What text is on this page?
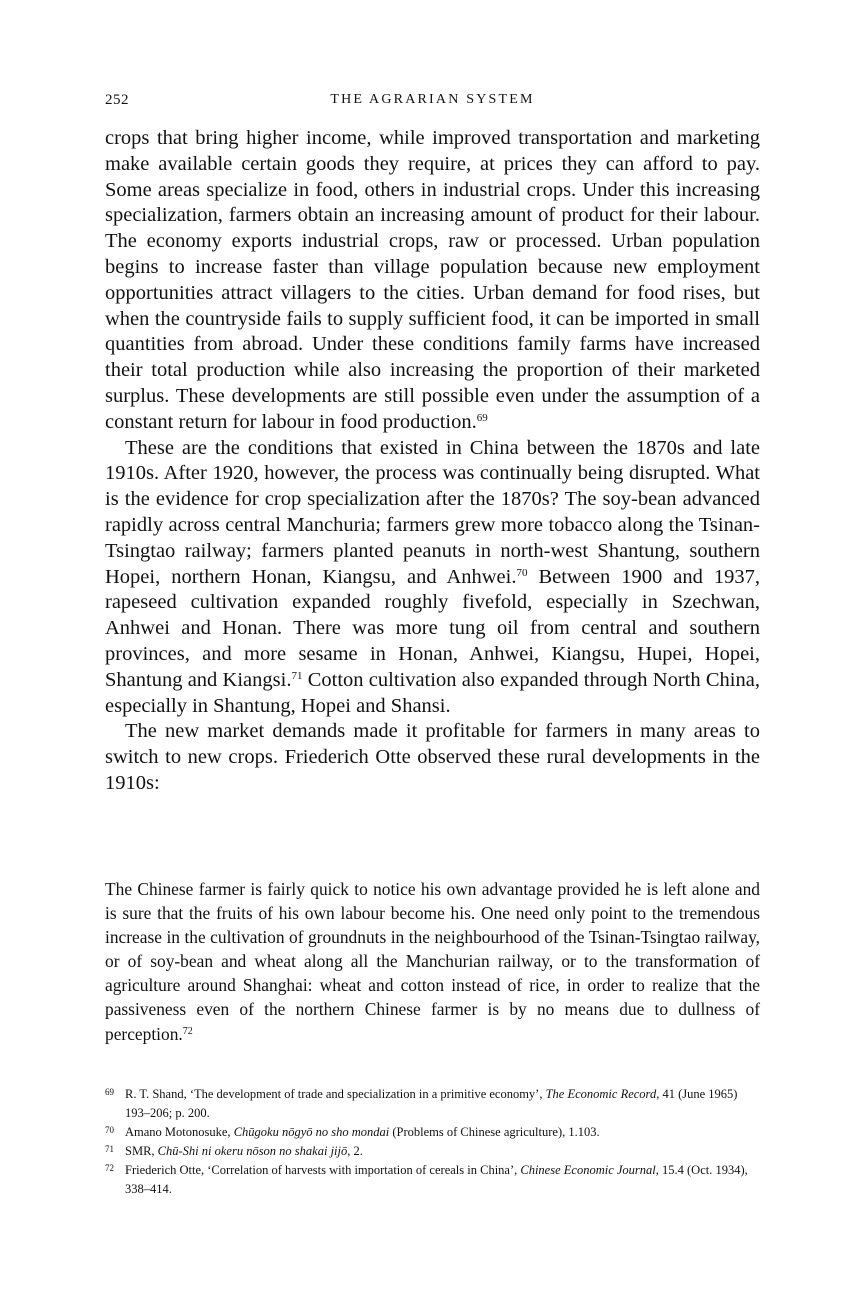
252	THE AGRARIAN SYSTEM

crops that bring higher income, while improved transportation and marketing make available certain goods they require, at prices they can afford to pay. Some areas specialize in food, others in industrial crops. Under this increasing specialization, farmers obtain an increasing amount of product for their labour. The economy exports industrial crops, raw or processed. Urban population begins to increase faster than village population because new employment opportunities attract villagers to the cities. Urban demand for food rises, but when the countryside fails to supply sufficient food, it can be imported in small quantities from abroad. Under these conditions family farms have increased their total production while also increasing the proportion of their marketed surplus. These developments are still possible even under the assumption of a constant return for labour in food production.$^{69}$

These are the conditions that existed in China between the 1870s and late 1910s. After 1920, however, the process was continually being disrupted. What is the evidence for crop specialization after the 1870s? The soy-bean advanced rapidly across central Manchuria; farmers grew more tobacco along the Tsinan-Tsingtao railway; farmers planted peanuts in north-west Shantung, southern Hopei, northern Honan, Kiangsu, and Anhwei.$^{70}$ Between 1900 and 1937, rapeseed cultivation expanded roughly fivefold, especially in Szechwan, Anhwei and Honan. There was more tung oil from central and southern provinces, and more sesame in Honan, Anhwei, Kiangsu, Hupei, Hopei, Shantung and Kiangsi.$^{71}$ Cotton cultivation also expanded through North China, especially in Shantung, Hopei and Shansi.

The new market demands made it profitable for farmers in many areas to switch to new crops. Friederich Otte observed these rural developments in the 1910s:

The Chinese farmer is fairly quick to notice his own advantage provided he is left alone and is sure that the fruits of his own labour become his. One need only point to the tremendous increase in the cultivation of groundnuts in the neighbourhood of the Tsinan-Tsingtao railway, or of soy-bean and wheat along all the Manchurian railway, or to the transformation of agriculture around Shanghai: wheat and cotton instead of rice, in order to realize that the passiveness even of the northern Chinese farmer is by no means due to dullness of perception.$^{72}$

69 R. T. Shand, ‘The development of trade and specialization in a primitive economy’, The Economic Record, 41 (June 1965) 193–206; p. 200.
70 Amano Motonosuke, Chūgoku nōgyō no sho mondai (Problems of Chinese agriculture), 1.103.
71 SMR, Chū-Shi ni okeru nōson no shakai jijō, 2.
72 Friederich Otte, ‘Correlation of harvests with importation of cereals in China’, Chinese Economic Journal, 15.4 (Oct. 1934), 338–414.
